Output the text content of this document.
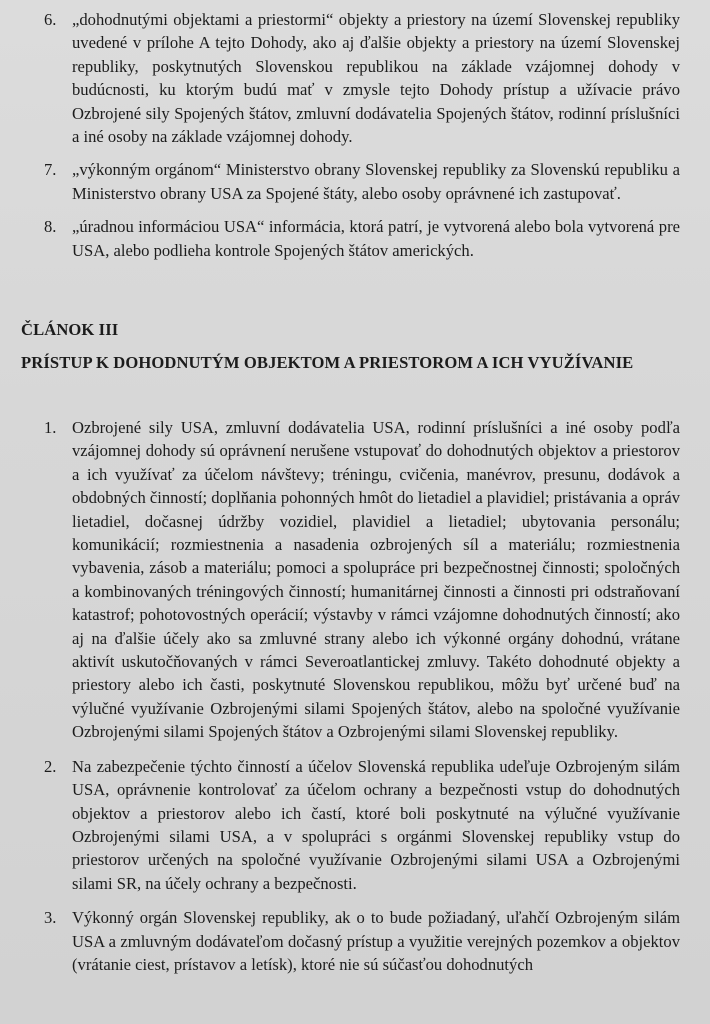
6. „dohodnutými objektami a priestormi“ objekty a priestory na území Slovenskej republiky uvedené v prílohe A tejto Dohody, ako aj ďalšie objekty a priestory na území Slovenskej republiky, poskytnutých Slovenskou republikou na základe vzájomnej dohody v budúcnosti, ku ktorým budú mať v zmysle tejto Dohody prístup a užívacie právo Ozbrojené sily Spojených štátov, zmluvní dodávatelia Spojených štátov, rodinní príslušníci a iné osoby na základe vzájomnej dohody.
7. „výkonným orgánom“ Ministerstvo obrany Slovenskej republiky za Slovenskú republiku a Ministerstvo obrany USA za Spojené štáty, alebo osoby oprávnené ich zastupovať.
8. „úradnou informáciou USA“ informácia, ktorá patrí, je vytvorená alebo bola vytvorená pre USA, alebo podlieha kontrole Spojených štátov amerických.
ČLÁNOK III
PRÍSTUP K DOHODNUTÝM OBJEKTOM A PRIESTOROM A ICH VYUŽÍVANIE
1. Ozbrojené sily USA, zmluvní dodávatelia USA, rodinní príslušníci a iné osoby podľa vzájomnej dohody sú oprávnení nerušene vstupovať do dohodnutých objektov a priestorov a ich využívať za účelom návštevy; tréningu, cvičenia, manévrov, presunu, dodávok a obdobných činností; doplňania pohonných hmôt do lietadiel a plavidiel; pristávania a opráv lietadiel, dočasnej údržby vozidiel, plavidiel a lietadiel; ubytovania personálu; komunikácií; rozmiestnenia a nasadenia ozbrojených síl a materiálu; rozmiestnenia vybavenia, zásob a materiálu; pomoci a spolupráce pri bezpečnostnej činnosti; spoločných a kombinovaných tréningových činností; humanitárnej činnosti a činnosti pri odstraňovaní katastrof; pohotovostných operácií; výstavby v rámci vzájomne dohodnutých činností; ako aj na ďalšie účely ako sa zmluvné strany alebo ich výkonné orgány dohodnú, vrátane aktivít uskutočňovaných v rámci Severoatlantickej zmluvy. Takéto dohodnuté objekty a priestory alebo ich časti, poskytnuté Slovenskou republikou, môžu byť určené buď na výlučné využívanie Ozbrojenými silami Spojených štátov, alebo na spoločné využívanie Ozbrojenými silami Spojených štátov a Ozbrojenými silami Slovenskej republiky.
2. Na zabezpečenie týchto činností a účelov Slovenská republika udeľuje Ozbrojeným silám USA, oprávnenie kontrolovať za účelom ochrany a bezpečnosti vstup do dohodnutých objektov a priestorov alebo ich častí, ktoré boli poskytnuté na výlučné využívanie Ozbrojenými silami USA, a v spolupráci s orgánmi Slovenskej republiky vstup do priestorov určených na spoločné využívanie Ozbrojenými silami USA a Ozbrojenými silami SR, na účely ochrany a bezpečnosti.
3. Výkonný orgán Slovenskej republiky, ak o to bude požiadaný, uľahčí Ozbrojeným silám USA a zmluvným dodávateľom dočasný prístup a využitie verejných pozemkov a objektov (vrátanie ciest, prístavov a letísk), ktoré nie sú súčasťou dohodnutých
